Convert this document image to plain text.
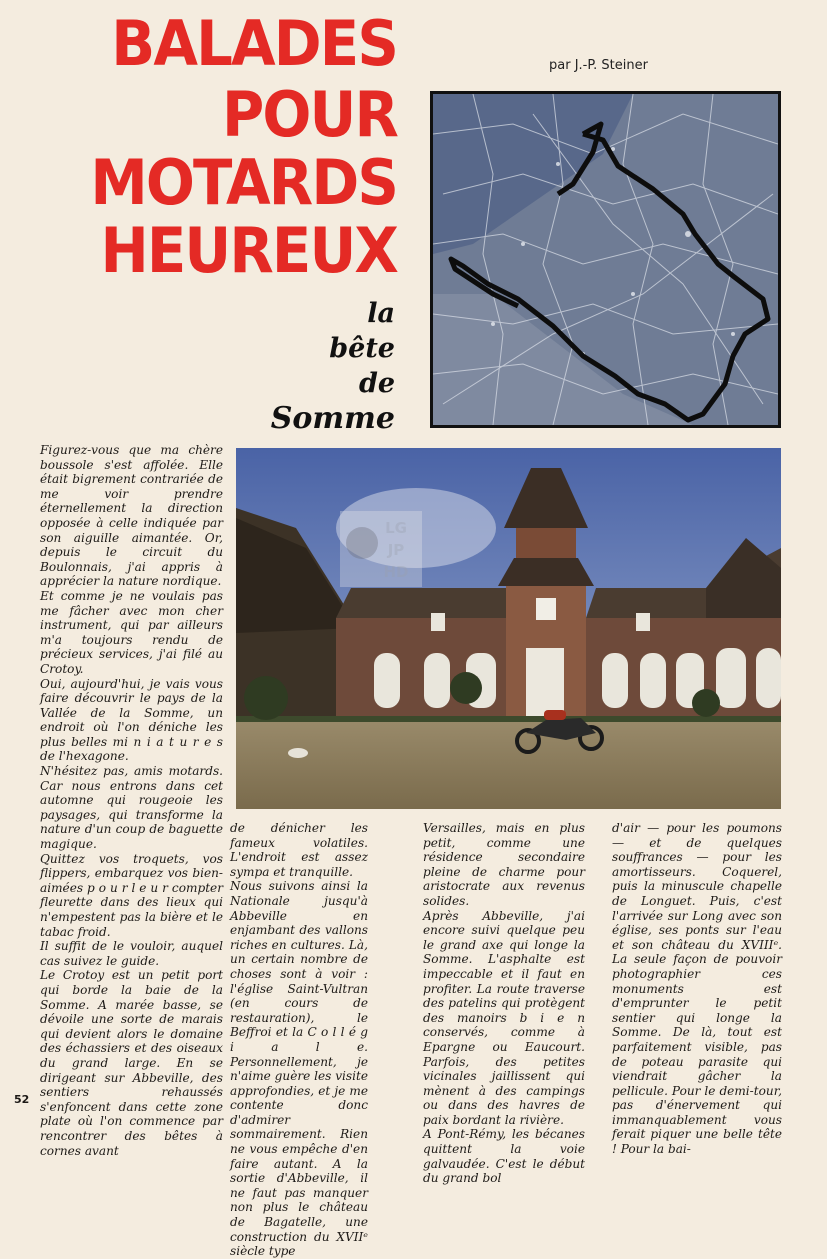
BALADES
POUR
MOTARDS
HEUREUX
par J.-P. Steiner
la
bête
de
Somme
LG
JP
HD

Figurez-vous que ma chère boussole s'est affolée. Elle était bigrement contrariée de me voir prendre éternellement la direction opposée à celle indiquée par son aiguille aimantée. Or, depuis le circuit du Boulonnais, j'ai appris à apprécier la nature nordique.

Et comme je ne voulais pas me fâcher avec mon cher instrument, qui par ailleurs m'a toujours rendu de précieux services, j'ai filé au Crotoy.

Oui, aujourd'hui, je vais vous faire découvrir le pays de la Vallée de la Somme, un endroit où l'on déniche les plus belles mi n i a t u r e s de l'hexagone.

N'hésitez pas, amis motards. Car nous entrons dans cet automne qui rougeoie les paysages, qui transforme la nature d'un coup de baguette magique.

Quittez vos troquets, vos flippers, embarquez vos bien-aimées p o u r l e u r compter fleurette dans des lieux qui n'empestent pas la bière et le tabac froid.

Il suffit de le vouloir, auquel cas suivez le guide.

Le Crotoy est un petit port qui borde la baie de la Somme. A marée basse, se dévoile une sorte de marais qui devient alors le domaine des échassiers et des oiseaux du grand large. En se dirigeant sur Abbeville, des sentiers rehaussés s'enfoncent dans cette zone plate où l'on commence par rencontrer des bêtes à cornes avant

de dénicher les fameux volatiles. L'endroit est assez sympa et tranquille.

Nous suivons ainsi la Nationale jusqu'à Abbeville en enjambant des vallons riches en cultures. Là, un certain nombre de choses sont à voir : l'église Saint-Vultran (en cours de restauration), le Beffroi et la C o l l é g i a l e. Personnellement, je n'aime guère les visite approfondies, et je me contente donc d'admirer sommairement. Rien ne vous empêche d'en faire autant. A la sortie d'Abbeville, il ne faut pas manquer non plus le château de Bagatelle, une construction du XVIIᵉ siècle type

Versailles, mais en plus petit, comme une résidence secondaire pleine de charme pour aristocrate aux revenus solides.

Après Abbeville, j'ai encore suivi quelque peu le grand axe qui longe la Somme. L'asphalte est impeccable et il faut en profiter. La route traverse des patelins qui protègent des manoirs b i e n conservés, comme à Epargne ou Eaucourt. Parfois, des petites vicinales jaillissent qui mènent à des campings ou dans des havres de paix bordant la rivière.

A Pont-Rémy, les bécanes quittent la voie galvaudée. C'est le début du grand bol

d'air — pour les poumons — et de quelques souffrances — pour les amortisseurs. Coquerel, puis la minuscule chapelle de Longuet. Puis, c'est l'arrivée sur Long avec son église, ses ponts sur l'eau et son château du XVIIIᵉ. La seule façon de pouvoir photographier ces monuments est d'emprunter le petit sentier qui longe la Somme. De là, tout est parfaitement visible, pas de poteau parasite qui viendrait gâcher la pellicule. Pour le demi-tour, pas d'énervement qui immanquablement vous ferait piquer une belle tête ! Pour la bai-

52
